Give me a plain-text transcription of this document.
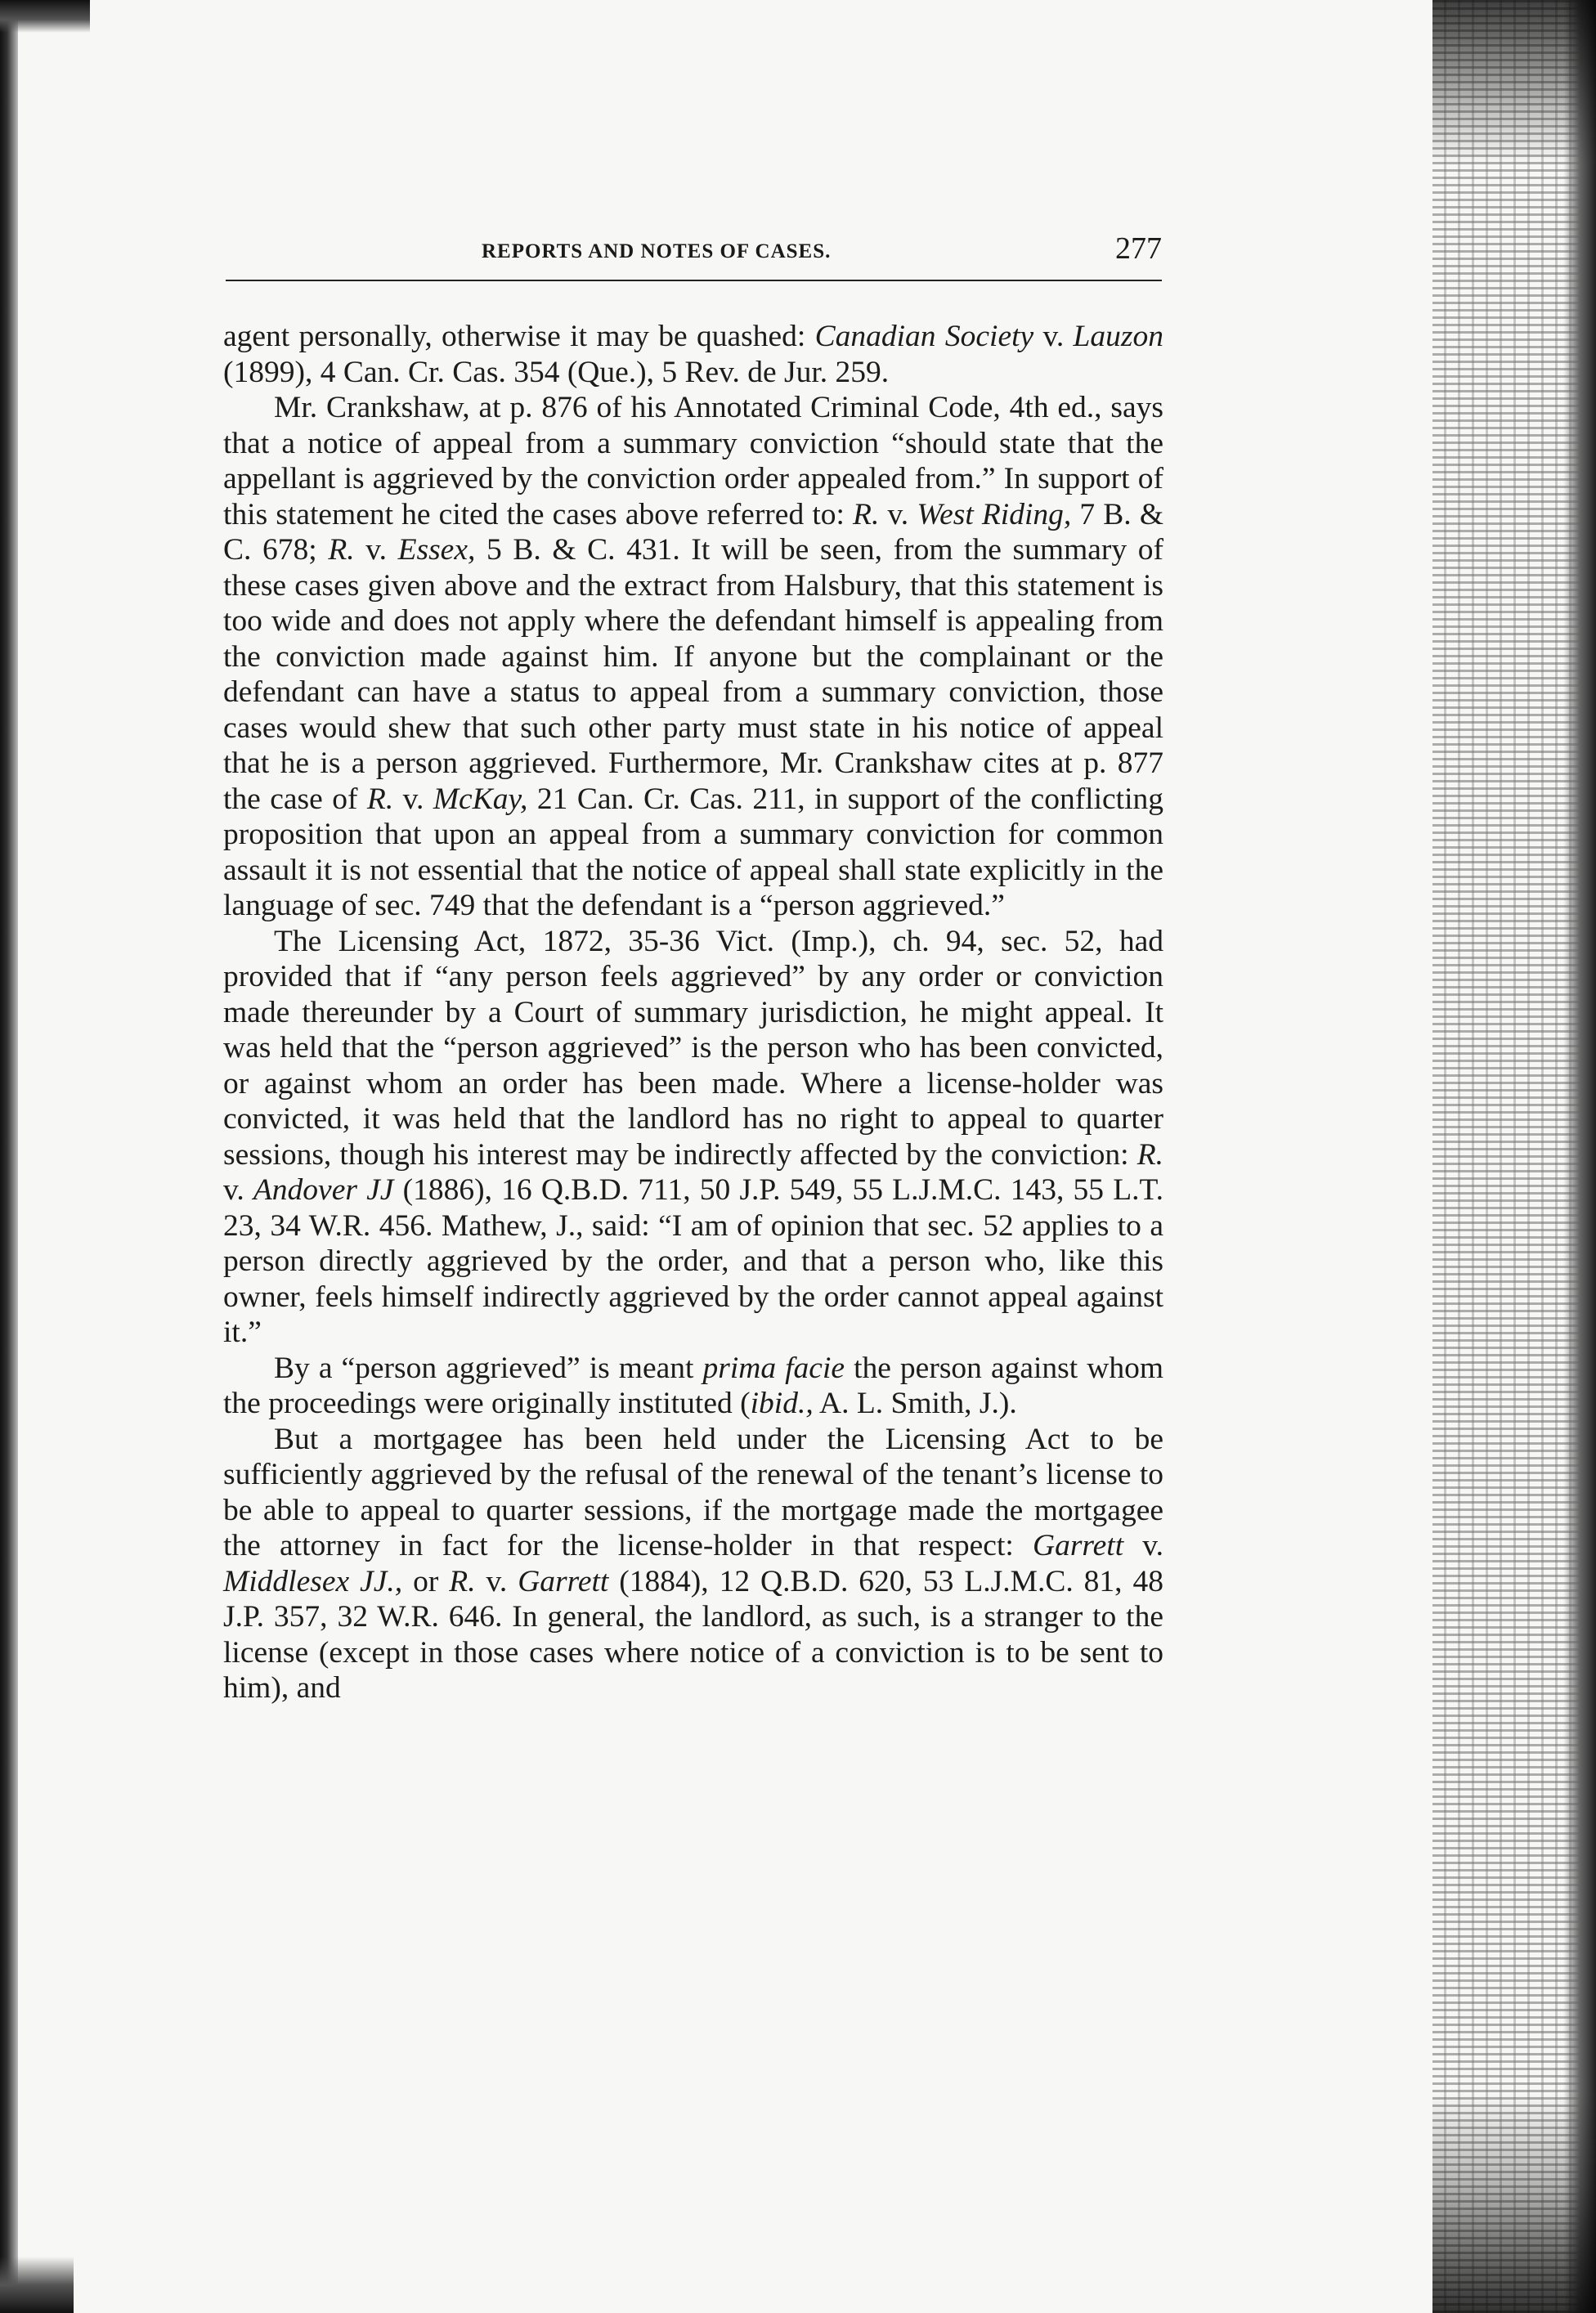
REPORTS AND NOTES OF CASES.	277

agent personally, otherwise it may be quashed: Canadian Society v. Lauzon (1899), 4 Can. Cr. Cas. 354 (Que.), 5 Rev. de Jur. 259.

Mr. Crankshaw, at p. 876 of his Annotated Criminal Code, 4th ed., says that a notice of appeal from a summary conviction “should state that the appellant is aggrieved by the conviction order appealed from.” In support of this statement he cited the cases above referred to: R. v. West Riding, 7 B. & C. 678; R. v. Essex, 5 B. & C. 431. It will be seen, from the summary of these cases given above and the extract from Halsbury, that this statement is too wide and does not apply where the defendant himself is appealing from the conviction made against him. If anyone but the complainant or the defendant can have a status to appeal from a summary conviction, those cases would shew that such other party must state in his notice of appeal that he is a person aggrieved. Furthermore, Mr. Crankshaw cites at p. 877 the case of R. v. McKay, 21 Can. Cr. Cas. 211, in support of the conflicting proposition that upon an appeal from a summary conviction for common assault it is not essential that the notice of appeal shall state explicitly in the language of sec. 749 that the defendant is a “person aggrieved.”

The Licensing Act, 1872, 35-36 Vict. (Imp.), ch. 94, sec. 52, had provided that if “any person feels aggrieved” by any order or conviction made thereunder by a Court of summary jurisdiction, he might appeal. It was held that the “person aggrieved” is the person who has been convicted, or against whom an order has been made. Where a license-holder was convicted, it was held that the landlord has no right to appeal to quarter sessions, though his interest may be indirectly affected by the conviction: R. v. Andover JJ (1886), 16 Q.B.D. 711, 50 J.P. 549, 55 L.J.M.C. 143, 55 L.T. 23, 34 W.R. 456. Mathew, J., said: “I am of opinion that sec. 52 applies to a person directly aggrieved by the order, and that a person who, like this owner, feels himself indirectly aggrieved by the order cannot appeal against it.”

By a “person aggrieved” is meant prima facie the person against whom the proceedings were originally instituted (ibid., A. L. Smith, J.).

But a mortgagee has been held under the Licensing Act to be sufficiently aggrieved by the refusal of the renewal of the tenant’s license to be able to appeal to quarter sessions, if the mortgage made the mortgagee the attorney in fact for the license-holder in that respect: Garrett v. Middlesex JJ., or R. v. Garrett (1884), 12 Q.B.D. 620, 53 L.J.M.C. 81, 48 J.P. 357, 32 W.R. 646. In general, the landlord, as such, is a stranger to the license (except in those cases where notice of a conviction is to be sent to him), and
